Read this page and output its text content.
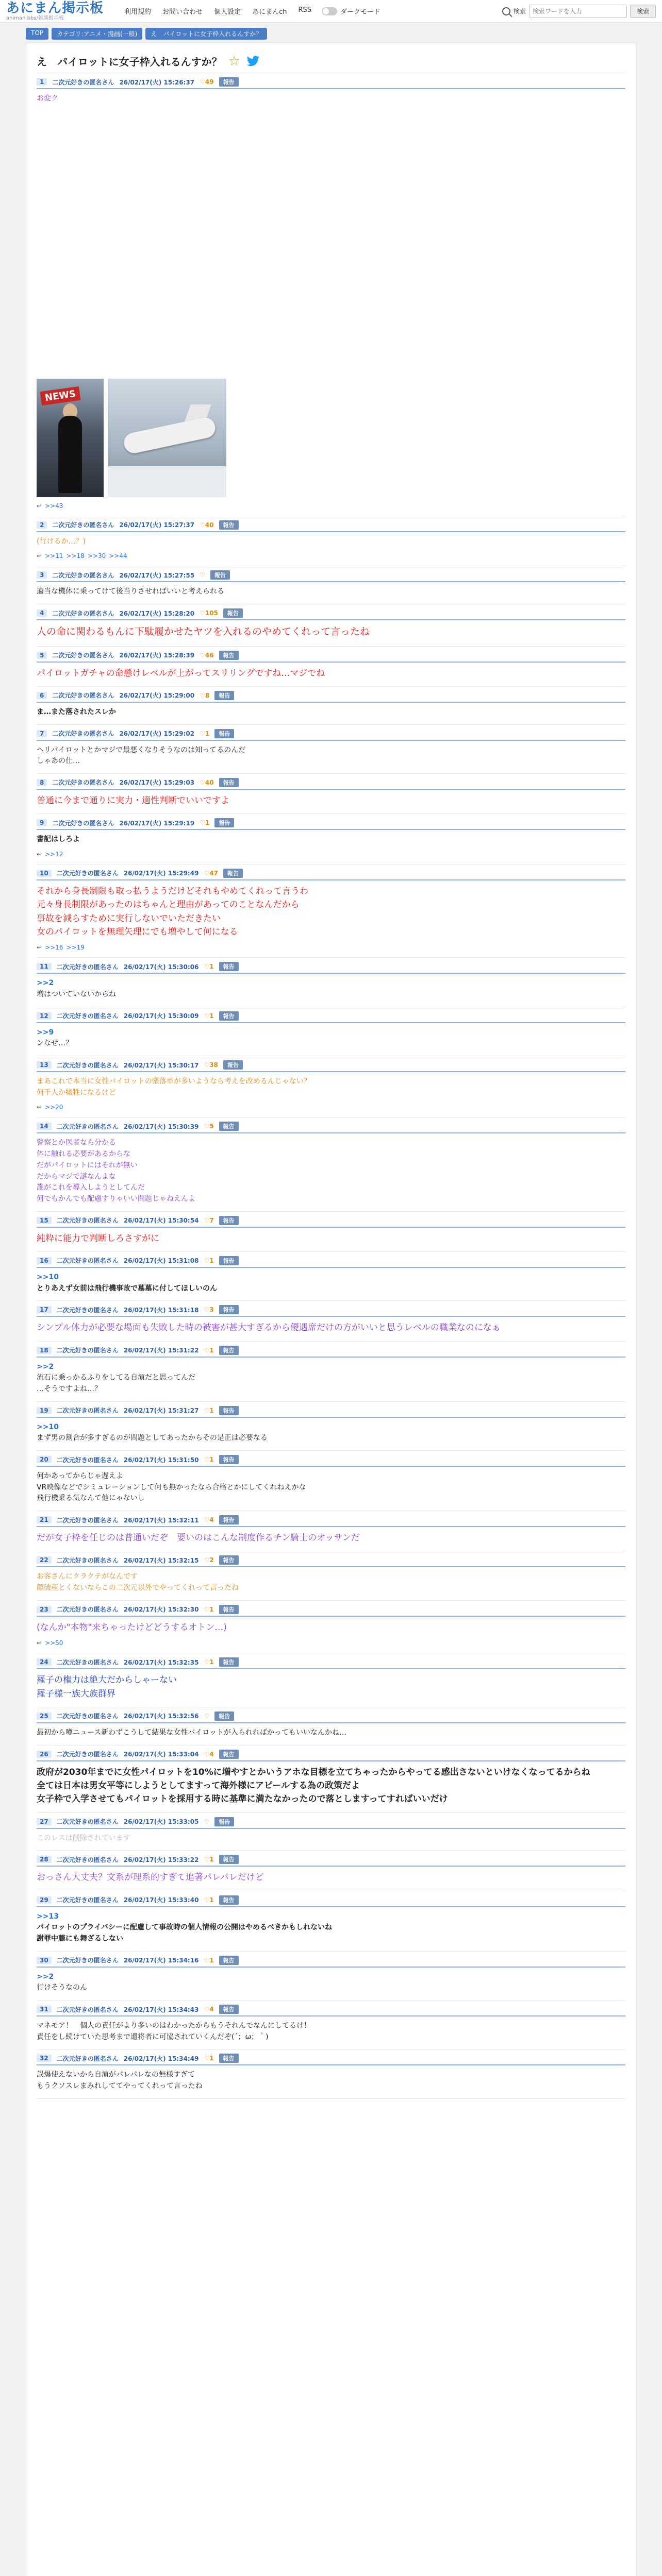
あにまん掲示板
animan bbs/雑談掲示板
利用規約 お問い合わせ 個人設定 あにまんch RSS	ダークモード	検索
検索ワードを入力	検索
TOP	カテゴリ:アニメ・漫画(一般)	え　パイロットに女子枠入れるんすか？
え　パイロットに女子枠入れるんすか？ ☆
1	二次元好きの匿名さん 26/02/17(火) 15:26:37 ♡49	報告
お変ク
NEWS
↩ >>43
2	二次元好きの匿名さん 26/02/17(火) 15:27:37 ♡40	報告
(行けるか…？)
↩ >>11 >>18 >>30 >>44
3	二次元好きの匿名さん 26/02/17(火) 15:27:55 ♡	報告
適当な機体に乗ってけて後当りさせればいいと考えられる
4	二次元好きの匿名さん 26/02/17(火) 15:28:20 ♡105	報告
人の命に関わるもんに下駄履かせたヤツを入れるのやめてくれって言ったね
5	二次元好きの匿名さん 26/02/17(火) 15:28:39 ♡46	報告
パイロットガチャの命懸けレベルが上がってスリリングですね…マジでね
6	二次元好きの匿名さん 26/02/17(火) 15:29:00 ♡8	報告
ま…また落されたスレか
7	二次元好きの匿名さん 26/02/17(火) 15:29:02 ♡1	報告
ヘリパイロットとかマジで最悪くなりそうなのは知ってるのんだ
しゃあの仕…
8	二次元好きの匿名さん 26/02/17(火) 15:29:03 ♡40	報告
普通に今まで通りに実力・適性判断でいいですよ
9	二次元好きの匿名さん 26/02/17(火) 15:29:19 ♡1	報告
書記はしろよ
↩ >>12
10	二次元好きの匿名さん 26/02/17(火) 15:29:49 ♡47	報告
それから身長制限も取っ払うようだけどそれもやめてくれって言うわ
元々身長制限があったのはちゃんと理由があってのことなんだから
事故を減らすために実行しないでいただきたい
女のパイロットを無理矢理にでも増やして何になる
↩ >>16 >>19
11	二次元好きの匿名さん 26/02/17(火) 15:30:06 ♡1	報告
>>2
増はついていないからね
12	二次元好きの匿名さん 26/02/17(火) 15:30:09 ♡1	報告
>>9
ンなぜ…？
13	二次元好きの匿名さん 26/02/17(火) 15:30:17 ♡38	報告
まあこれで本当に女性パイロットの墜落率が多いようなら考えを改めるんじゃない？
何千人か犠牲になるけど
↩ >>20
14	二次元好きの匿名さん 26/02/17(火) 15:30:39 ♡5	報告
警察とか医者なら分かる
体に触れる必要があるからな
だがパイロットにはそれが無い
だからマジで謎なんよな
誰がこれを導入しようとしてんだ
何でもかんでも配慮すりゃいい問題じゃねえんよ
15	二次元好きの匿名さん 26/02/17(火) 15:30:54 ♡7	報告
純粋に能力で判断しろさすがに
16	二次元好きの匿名さん 26/02/17(火) 15:31:08 ♡1	報告
>>10
とりあえず女前は飛行機事故で墓墓に付してほしいのん
17	二次元好きの匿名さん 26/02/17(火) 15:31:18 ♡3	報告
シンプル体力が必要な場面も失敗した時の被害が甚大すぎるから優遇席だけの方がいいと思うレベルの職業なのになぁ
18	二次元好きの匿名さん 26/02/17(火) 15:31:22 ♡1	報告
>>2
流石に乗っかるふりをしてる自演だと思ってんだ
…そうですよね…？
19	二次元好きの匿名さん 26/02/17(火) 15:31:27 ♡1	報告
>>10
まず男の割合が多すぎるのが問題としてあったからその是正は必要なる
20	二次元好きの匿名さん 26/02/17(火) 15:31:50 ♡1	報告
何かあってからじゃ遅えよ
VR映像などでシミュレーションして何も無かったなら合格とかにしてくれねえかな
飛行機乗る気なんて他にゃないし
21	二次元好きの匿名さん 26/02/17(火) 15:32:11 ♡4	報告
だが女子枠を任じのは普通いだぞ　要いのはこんな制度作るチン騎士のオッサンだ
22	二次元好きの匿名さん 26/02/17(火) 15:32:15 ♡2	報告
お客さんにクラクテがなんです
顔破産とくないならこの二次元以外でやってくれって言ったね
23	二次元好きの匿名さん 26/02/17(火) 15:32:30 ♡1	報告
(なんか"本物"来ちゃったけどどうするオトン…)
↩ >>50
24	二次元好きの匿名さん 26/02/17(火) 15:32:35 ♡1	報告
羅子の権力は絶大だからしゃーない
羅子様一族大族群界
25	二次元好きの匿名さん 26/02/17(火) 15:32:56 ♡	報告
最初から噂ニュース新わずこうして結果な女性パイロットが入られればかってもいいなんかね…
26	二次元好きの匿名さん 26/02/17(火) 15:33:04 ♡4	報告
政府が2030年までに女性パイロットを10%に増やすとかいうアホな目標を立てちゃったからやってる感出さないといけなくなってるからね
全ては日本は男女平等にしようとしてますって海外様にアピールする為の政策だよ
女子枠で入学させてもパイロットを採用する時に基準に満たなかったので落としますってすればいいだけ
27	二次元好きの匿名さん 26/02/17(火) 15:33:05 ♡	報告
このレスは削除されています
28	二次元好きの匿名さん 26/02/17(火) 15:33:22 ♡1	報告
おっさん大丈夫？文系が理系的すぎて追著パレパレだけど
29	二次元好きの匿名さん 26/02/17(火) 15:33:40 ♡1	報告
>>13
パイロットのプライバシーに配慮して事故時の個人情報の公開はやめるべきかもしれないね
謝罪中藤にも舞ざるしない
30	二次元好きの匿名さん 26/02/17(火) 15:34:16 ♡1	報告
>>2
行けそうなのん
31	二次元好きの匿名さん 26/02/17(火) 15:34:43 ♡4	報告
マネモア！　個人の責任がより多いのはわかったからもうそれんでなんにしてるけ！
責任をし続けていた思考まで還将者に可協されていくんだぞ(´；ω；｀)
32	二次元好きの匿名さん 26/02/17(火) 15:34:49 ♡1	報告
誤爆使えないから自演がパレパレなの無様すぎて
もうクソスレまみれしててやってくれって言ったね
